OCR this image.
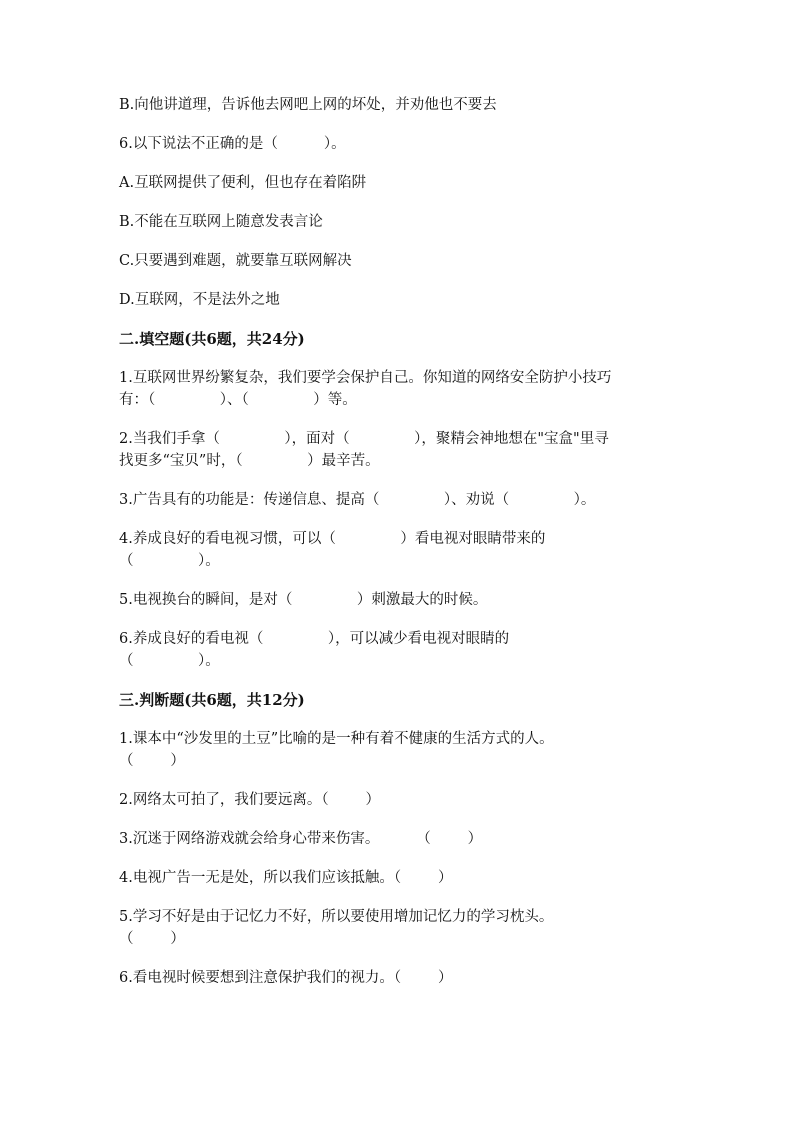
B.向他讲道理，告诉他去网吧上网的坏处，并劝他也不要去

6.以下说法不正确的是（          ）。

A.互联网提供了便利，但也存在着陷阱

B.不能在互联网上随意发表言论

C.只要遇到难题，就要靠互联网解决

D.互联网，不是法外之地

二.填空题(共6题，共24分)

1.互联网世界纷繁复杂，我们要学会保护自己。你知道的网络安全防护小技巧

有：（              ）、（              ）等。

2.当我们手拿（              ），面对（              ），聚精会神地想在"宝盒"里寻

找更多“宝贝”时，（              ）最辛苦。

3.广告具有的功能是：传递信息、提高（              ）、劝说（              ）。

4.养成良好的看电视习惯，可以（              ）看电视对眼睛带来的

（              ）。

5.电视换台的瞬间，是对（              ）刺激最大的时候。

6.养成良好的看电视（              ），可以减少看电视对眼睛的

（              ）。

三.判断题(共6题，共12分)

1.课本中“沙发里的土豆”比喻的是一种有着不健康的生活方式的人。

（        ）

2.网络太可拍了，我们要远离。（        ）

3.沉迷于网络游戏就会给身心带来伤害。        （        ）

4.电视广告一无是处，所以我们应该抵触。（        ）

5.学习不好是由于记忆力不好，所以要使用增加记忆力的学习枕头。

（        ）

6.看电视时候要想到注意保护我们的视力。（        ）
